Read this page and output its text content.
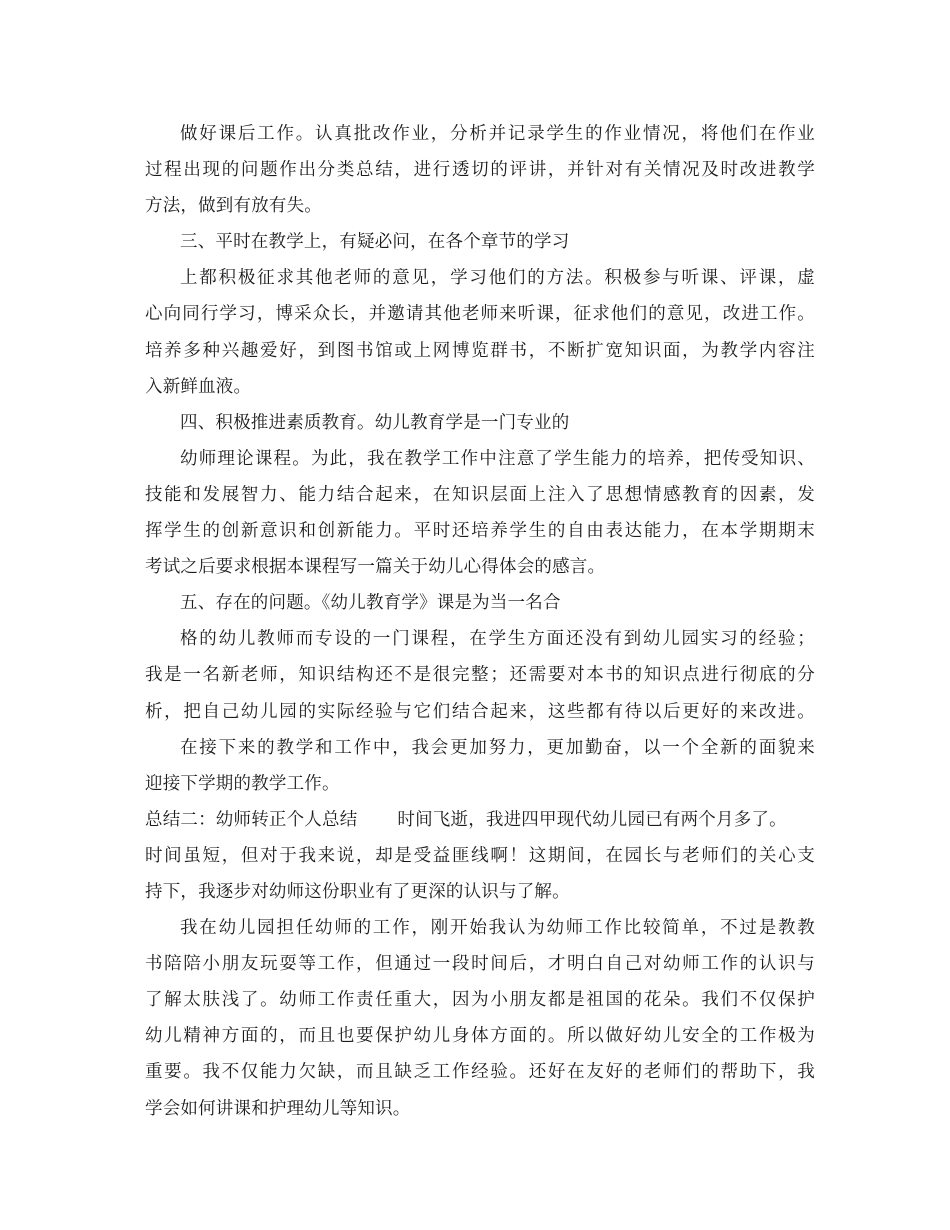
做好课后工作。认真批改作业，分析并记录学生的作业情况，将他们在作业
过程出现的问题作出分类总结，进行透切的评讲，并针对有关情况及时改进教学
方法，做到有放有失。
三、平时在教学上，有疑必问，在各个章节的学习
上都积极征求其他老师的意见，学习他们的方法。积极参与听课、评课，虚
心向同行学习，博采众长，并邀请其他老师来听课，征求他们的意见，改进工作。
培养多种兴趣爱好，到图书馆或上网博览群书，不断扩宽知识面，为教学内容注
入新鲜血液。
四、积极推进素质教育。幼儿教育学是一门专业的
幼师理论课程。为此，我在教学工作中注意了学生能力的培养，把传受知识、
技能和发展智力、能力结合起来，在知识层面上注入了思想情感教育的因素，发
挥学生的创新意识和创新能力。平时还培养学生的自由表达能力，在本学期期末
考试之后要求根据本课程写一篇关于幼儿心得体会的感言。
五、存在的问题。《幼儿教育学》课是为当一名合
格的幼儿教师而专设的一门课程，在学生方面还没有到幼儿园实习的经验；
我是一名新老师，知识结构还不是很完整；还需要对本书的知识点进行彻底的分
析，把自己幼儿园的实际经验与它们结合起来，这些都有待以后更好的来改进。
在接下来的教学和工作中，我会更加努力，更加勤奋，以一个全新的面貌来
迎接下学期的教学工作。
总结二：幼师转正个人总结 时间飞逝，我进四甲现代幼儿园已有两个月多了。
时间虽短，但对于我来说，却是受益匪线啊！这期间，在园长与老师们的关心支
持下，我逐步对幼师这份职业有了更深的认识与了解。
我在幼儿园担任幼师的工作，刚开始我认为幼师工作比较简单，不过是教教
书陪陪小朋友玩耍等工作，但通过一段时间后，才明白自己对幼师工作的认识与
了解太肤浅了。幼师工作责任重大，因为小朋友都是祖国的花朵。我们不仅保护
幼儿精神方面的，而且也要保护幼儿身体方面的。所以做好幼儿安全的工作极为
重要。我不仅能力欠缺，而且缺乏工作经验。还好在友好的老师们的帮助下，我
学会如何讲课和护理幼儿等知识。
